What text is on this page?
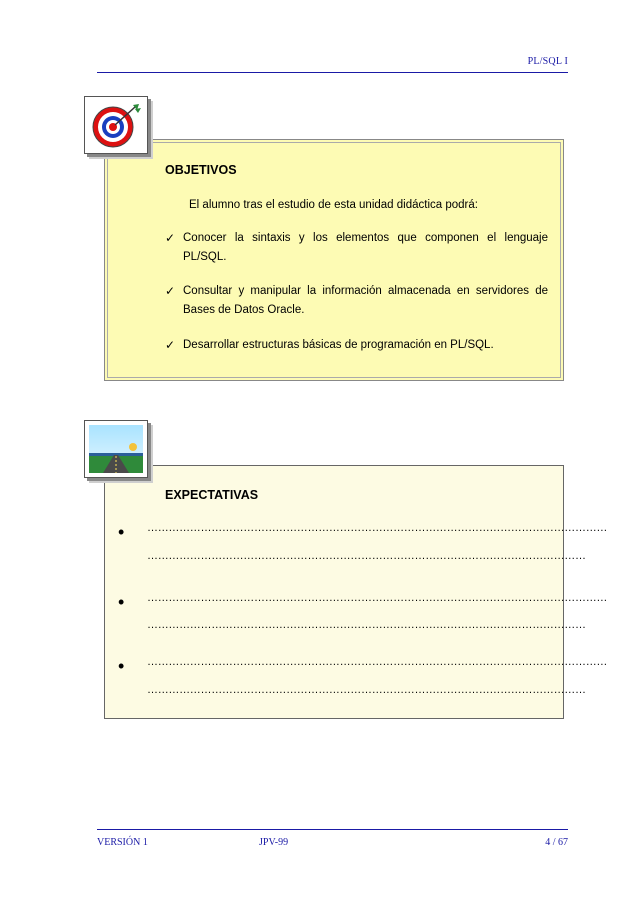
PL/SQL I
OBJETIVOS
El alumno tras el estudio de esta unidad didáctica podrá:
✓ Conocer la sintaxis y los elementos que componen el lenguaje
PL/SQL.
✓ Consultar y manipular la información almacenada en servidores de
Bases de Datos Oracle.
✓ Desarrollar estructuras básicas de programación en PL/SQL.
EXPECTATIVAS
• …………………………………………………………………………………………………………………
……………………………………………………………………………………………………………
• …………………………………………………………………………………………………………………
……………………………………………………………………………………………………………
• …………………………………………………………………………………………………………………
……………………………………………………………………………………………………………
VERSIÓN 1	JPV-99	4 / 67
